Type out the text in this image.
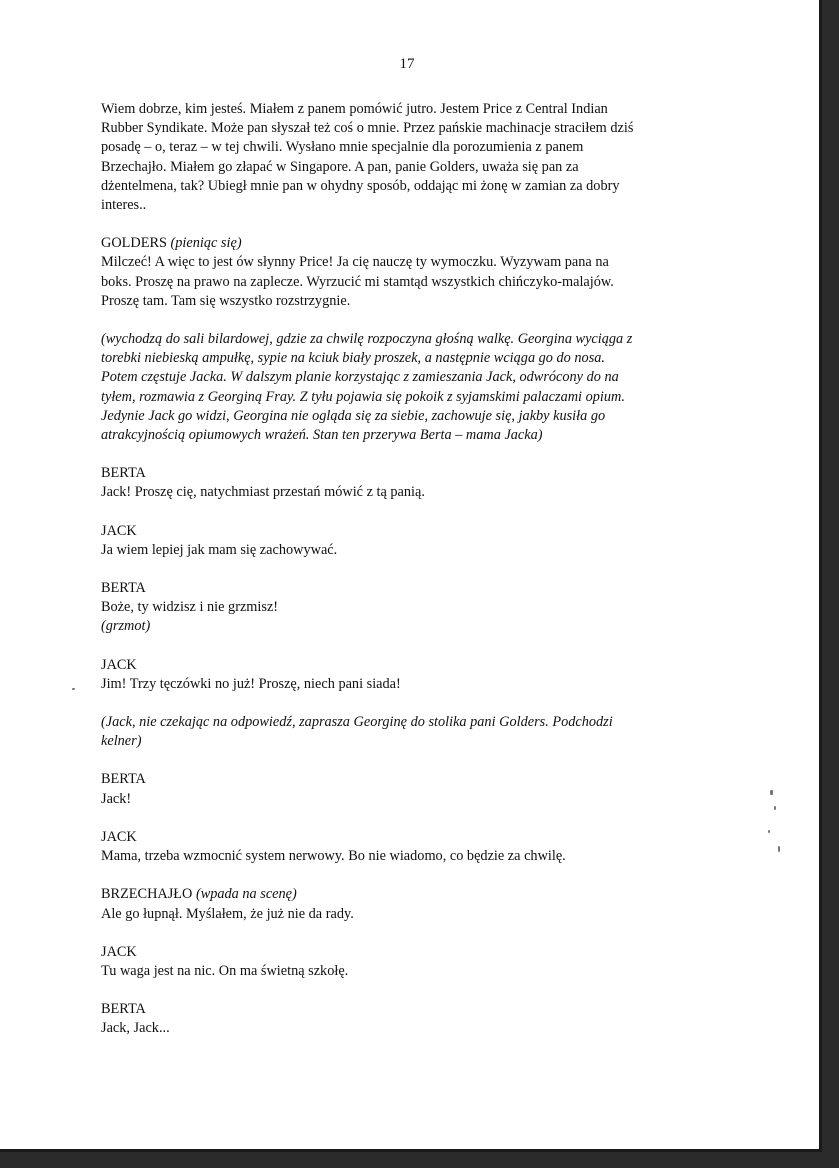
17

Wiem dobrze, kim jesteś. Miałem z panem pomówić jutro. Jestem Price z Central Indian
Rubber Syndikate. Może pan słyszał też coś o mnie. Przez pańskie machinacje straciłem dziś
posadę – o, teraz – w tej chwili. Wysłano mnie specjalnie dla porozumienia z panem
Brzechajło. Miałem go złapać w Singapore. A pan, panie Golders, uważa się pan za
dżentelmena, tak? Ubiegł mnie pan w ohydny sposób, oddając mi żonę w zamian za dobry
interes..

GOLDERS (pieniąc się)
Milczeć! A więc to jest ów słynny Price! Ja cię nauczę ty wymoczku. Wyzywam pana na
boks. Proszę na prawo na zaplecze. Wyrzucić mi stamtąd wszystkich chińczyko-malajów.
Proszę tam. Tam się wszystko rozstrzygnie.

(wychodzą do sali bilardowej, gdzie za chwilę rozpoczyna głośną walkę. Georgina wyciąga z
torebki niebieską ampułkę, sypie na kciuk biały proszek, a następnie wciąga go do nosa.
Potem częstuje Jacka. W dalszym planie korzystając z zamieszania Jack, odwrócony do na
tyłem, rozmawia z Georginą Fray. Z tyłu pojawia się pokoik z syjamskimi palaczami opium.
Jedynie Jack go widzi, Georgina nie ogląda się za siebie, zachowuje się, jakby kusiła go
atrakcyjnością opiumowych wrażeń. Stan ten przerywa Berta – mama Jacka)

BERTA
Jack! Proszę cię, natychmiast przestań mówić z tą panią.

JACK
Ja wiem lepiej jak mam się zachowywać.

BERTA
Boże, ty widzisz i nie grzmisz!
(grzmot)

JACK
Jim! Trzy tęczówki no już! Proszę, niech pani siada!

(Jack, nie czekając na odpowiedź, zaprasza Georginę do stolika pani Golders. Podchodzi
kelner)

BERTA
Jack!

JACK
Mama, trzeba wzmocnić system nerwowy. Bo nie wiadomo, co będzie za chwilę.

BRZECHAJŁO (wpada na scenę)
Ale go łupnął. Myślałem, że już nie da rady.

JACK
Tu waga jest na nic. On ma świetną szkołę.

BERTA
Jack, Jack...
